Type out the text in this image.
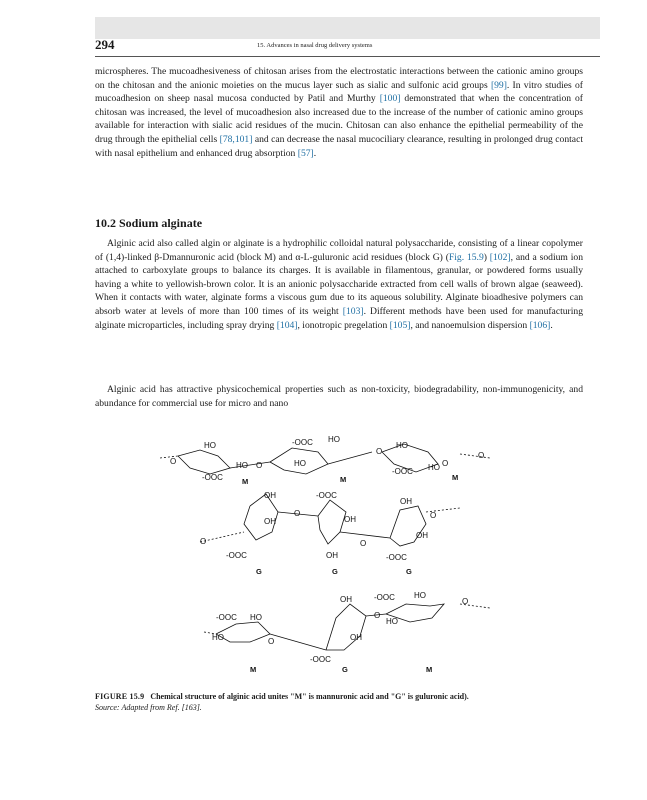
294	15. Advances in nasal drug delivery systems
microspheres. The mucoadhesiveness of chitosan arises from the electrostatic interactions between the cationic amino groups on the chitosan and the anionic moieties on the mucus layer such as sialic and sulfonic acid groups [99]. In vitro studies of mucoadhesion on sheep nasal mucosa conducted by Patil and Murthy [100] demonstrated that when the concentration of chitosan was increased, the level of mucoadhesion also increased due to the increase of the number of cationic amino groups available for interaction with sialic acid residues of the mucin. Chitosan can also enhance the epithelial permeability of the drug through the epithelial cells [78,101] and can decrease the nasal mucociliary clearance, resulting in prolonged drug contact with nasal epithelium and enhanced drug absorption [57].
10.2 Sodium alginate
Alginic acid also called algin or alginate is a hydrophilic colloidal natural polysaccharide, consisting of a linear copolymer of (1,4)-linked β-Dmannuronic acid (block M) and α-L-guluronic acid residues (block G) (Fig. 15.9) [102], and a sodium ion attached to carboxylate groups to balance its charges. It is available in filamentous, granular, or powdered forms usually having a white to yellowish-brown color. It is an anionic polysaccharide extracted from cell walls of brown algae (seaweed). When it contacts with water, alginate forms a viscous gum due to its aqueous solubility. Alginate bioadhesive polymers can absorb water at levels of more than 100 times of its weight [103]. Different methods have been used for manufacturing alginate microparticles, including spray drying [104], ionotropic pregelation [105], and nanoemulsion dispersion [106].
Alginic acid has attractive physicochemical properties such as non-toxicity, biodegradability, non-immunogenicity, and abundance for commercial use for micro and nano
HO
O
-OOC
HO O
M
-OOC HO
HO
O
M
HO
-OOC HO O
O
M
OH
OH
-OOC
O
O
G
-OOC
OH
OH
O
G
OH
OH
-OOC
O
G
-OOC HO
HO	O
M
OH
OH
-OOC
G
-OOC HO
O
HO
O
M
FIGURE 15.9 Chemical structure of alginic acid unites "M" is mannuronic acid and "G" is guluronic acid).
Source: Adapted from Ref. [163].
